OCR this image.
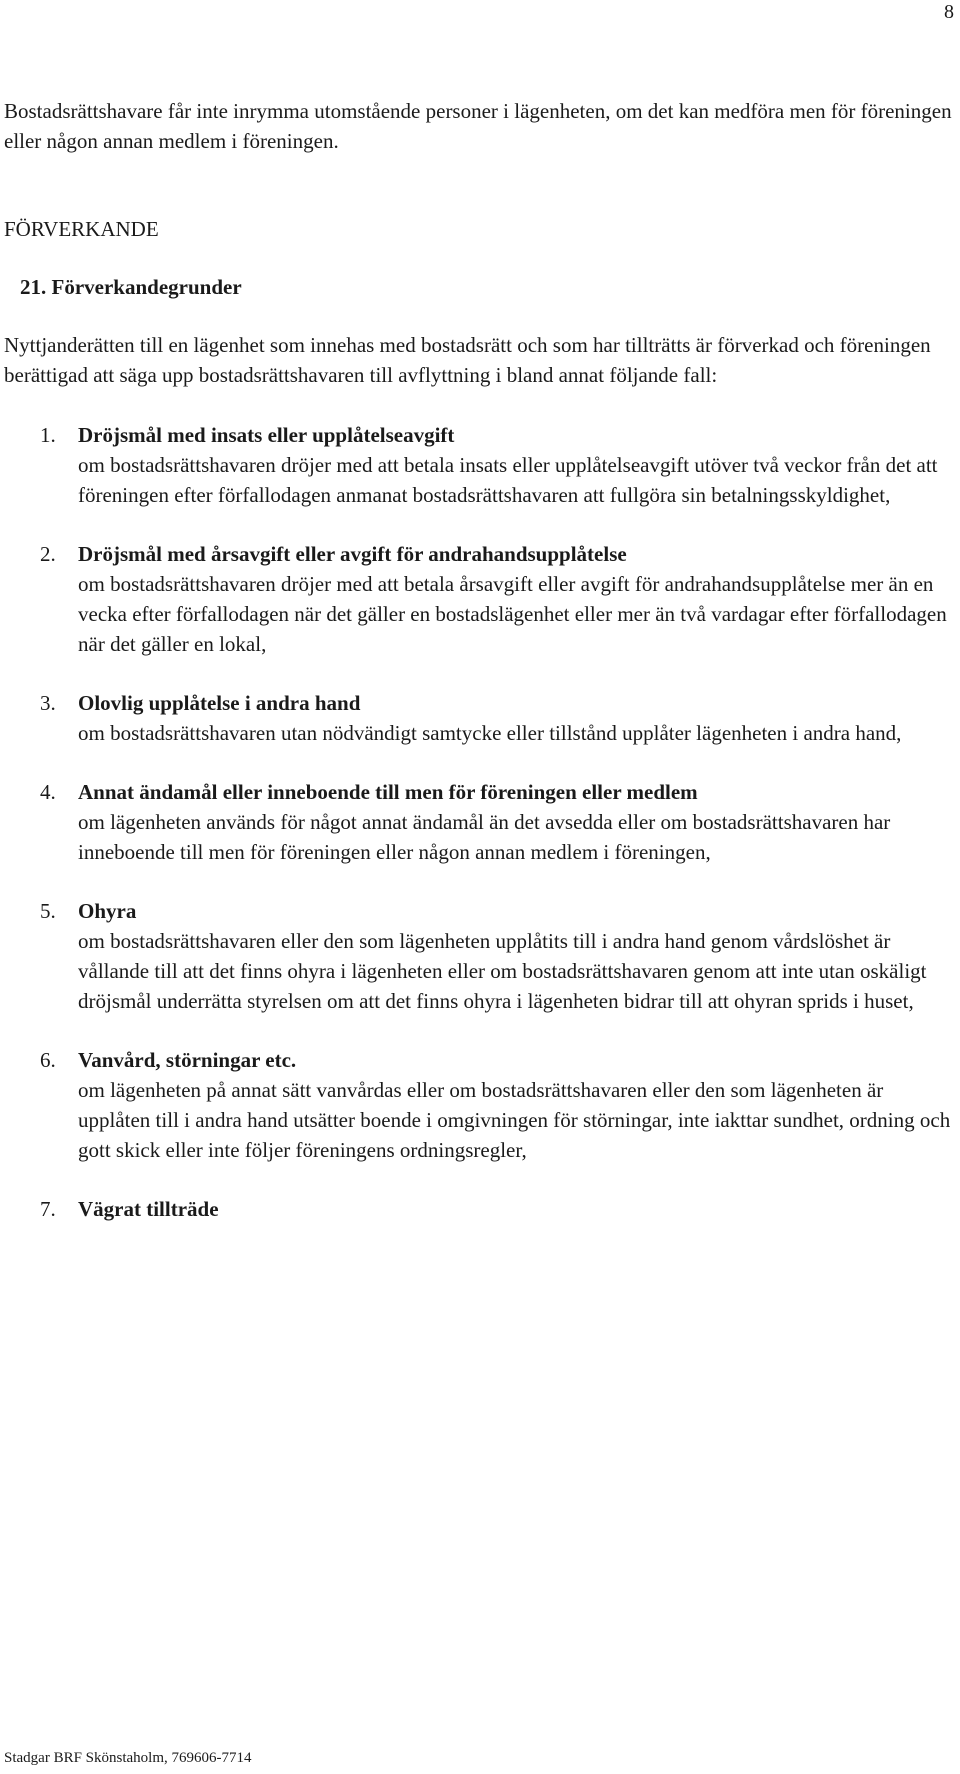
8

Bostadsrättshavare får inte inrymma utomstående personer i lägenheten, om det kan medföra men för föreningen eller någon annan medlem i föreningen.

FÖRVERKANDE

21. Förverkandegrunder

Nyttjanderätten till en lägenhet som innehas med bostadsrätt och som har tillträtts är förverkad och föreningen berättigad att säga upp bostadsrättshavaren till avflyttning i bland annat följande fall:

1. Dröjsmål med insats eller upplåtelseavgift
om bostadsrättshavaren dröjer med att betala insats eller upplåtelseavgift utöver två veckor från det att föreningen efter förfallodagen anmanat bostadsrättshavaren att fullgöra sin betalningsskyldighet,
2. Dröjsmål med årsavgift eller avgift för andrahandsupplåtelse
om bostadsrättshavaren dröjer med att betala årsavgift eller avgift för andrahandsupplåtelse mer än en vecka efter förfallodagen när det gäller en bostadslägenhet eller mer än två vardagar efter förfallodagen när det gäller en lokal,
3. Olovlig upplåtelse i andra hand
om bostadsrättshavaren utan nödvändigt samtycke eller tillstånd upplåter lägenheten i andra hand,
4. Annat ändamål eller inneboende till men för föreningen eller medlem
om lägenheten används för något annat ändamål än det avsedda eller om bostadsrättshavaren har inneboende till men för föreningen eller någon annan medlem i föreningen,
5. Ohyra
om bostadsrättshavaren eller den som lägenheten upplåtits till i andra hand genom vårdslöshet är vållande till att det finns ohyra i lägenheten eller om bostadsrättshavaren genom att inte utan oskäligt dröjsmål underrätta styrelsen om att det finns ohyra i lägenheten bidrar till att ohyran sprids i huset,
6. Vanvård, störningar etc.
om lägenheten på annat sätt vanvårdas eller om bostadsrättshavaren eller den som lägenheten är upplåten till i andra hand utsätter boende i omgivningen för störningar, inte iakttar sundhet, ordning och gott skick eller inte följer föreningens ordningsregler,
7. Vägrat tillträde
Stadgar BRF Skönstaholm, 769606-7714
